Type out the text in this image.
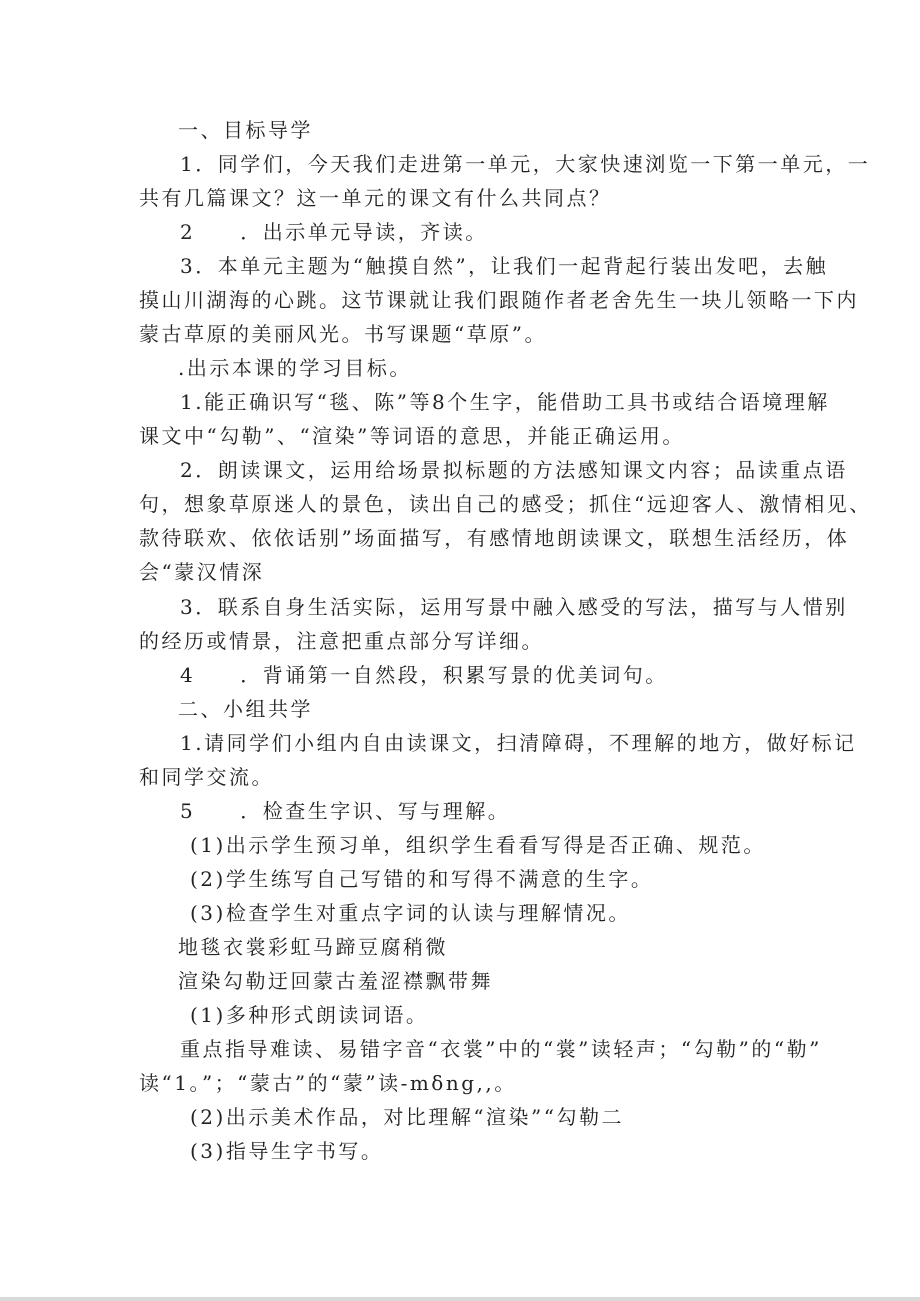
一、目标导学

1．同学们，今天我们走进第一单元，大家快速浏览一下第一单元，一

共有几篇课文？这一单元的课文有什么共同点？

2　　．出示单元导读，齐读。

3．本单元主题为“触摸自然”，让我们一起背起行装出发吧，去触

摸山川湖海的心跳。这节课就让我们跟随作者老舍先生一块儿领略一下内

蒙古草原的美丽风光。书写课题“草原”。

.出示本课的学习目标。

1.能正确识写“毯、陈”等8个生字，能借助工具书或结合语境理解

课文中“勾勒”、“渲染”等词语的意思，并能正确运用。

2．朗读课文，运用给场景拟标题的方法感知课文内容；品读重点语

句，想象草原迷人的景色，读出自己的感受；抓住“远迎客人、激情相见、

款待联欢、依依话别”场面描写，有感情地朗读课文，联想生活经历，体

会“蒙汉情深

3．联系自身生活实际，运用写景中融入感受的写法，描写与人惜别

的经历或情景，注意把重点部分写详细。

4　　．背诵第一自然段，积累写景的优美词句。

二、小组共学

1.请同学们小组内自由读课文，扫清障碍，不理解的地方，做好标记

和同学交流。

5　　．检查生字识、写与理解。

(1)出示学生预习单，组织学生看看写得是否正确、规范。

(2)学生练写自己写错的和写得不满意的生字。

(3)检查学生对重点字词的认读与理解情况。

地毯衣裳彩虹马蹄豆腐稍微

渲染勾勒迂回蒙古羞涩襟飘带舞

(1)多种形式朗读词语。

重点指导难读、易错字音“衣裳”中的“裳”读轻声；“勾勒”的“勒”

读“1。”；“蒙古”的“蒙”读-mδng,,。

(2)出示美术作品，对比理解“渲染”“勾勒二

(3)指导生字书写。
